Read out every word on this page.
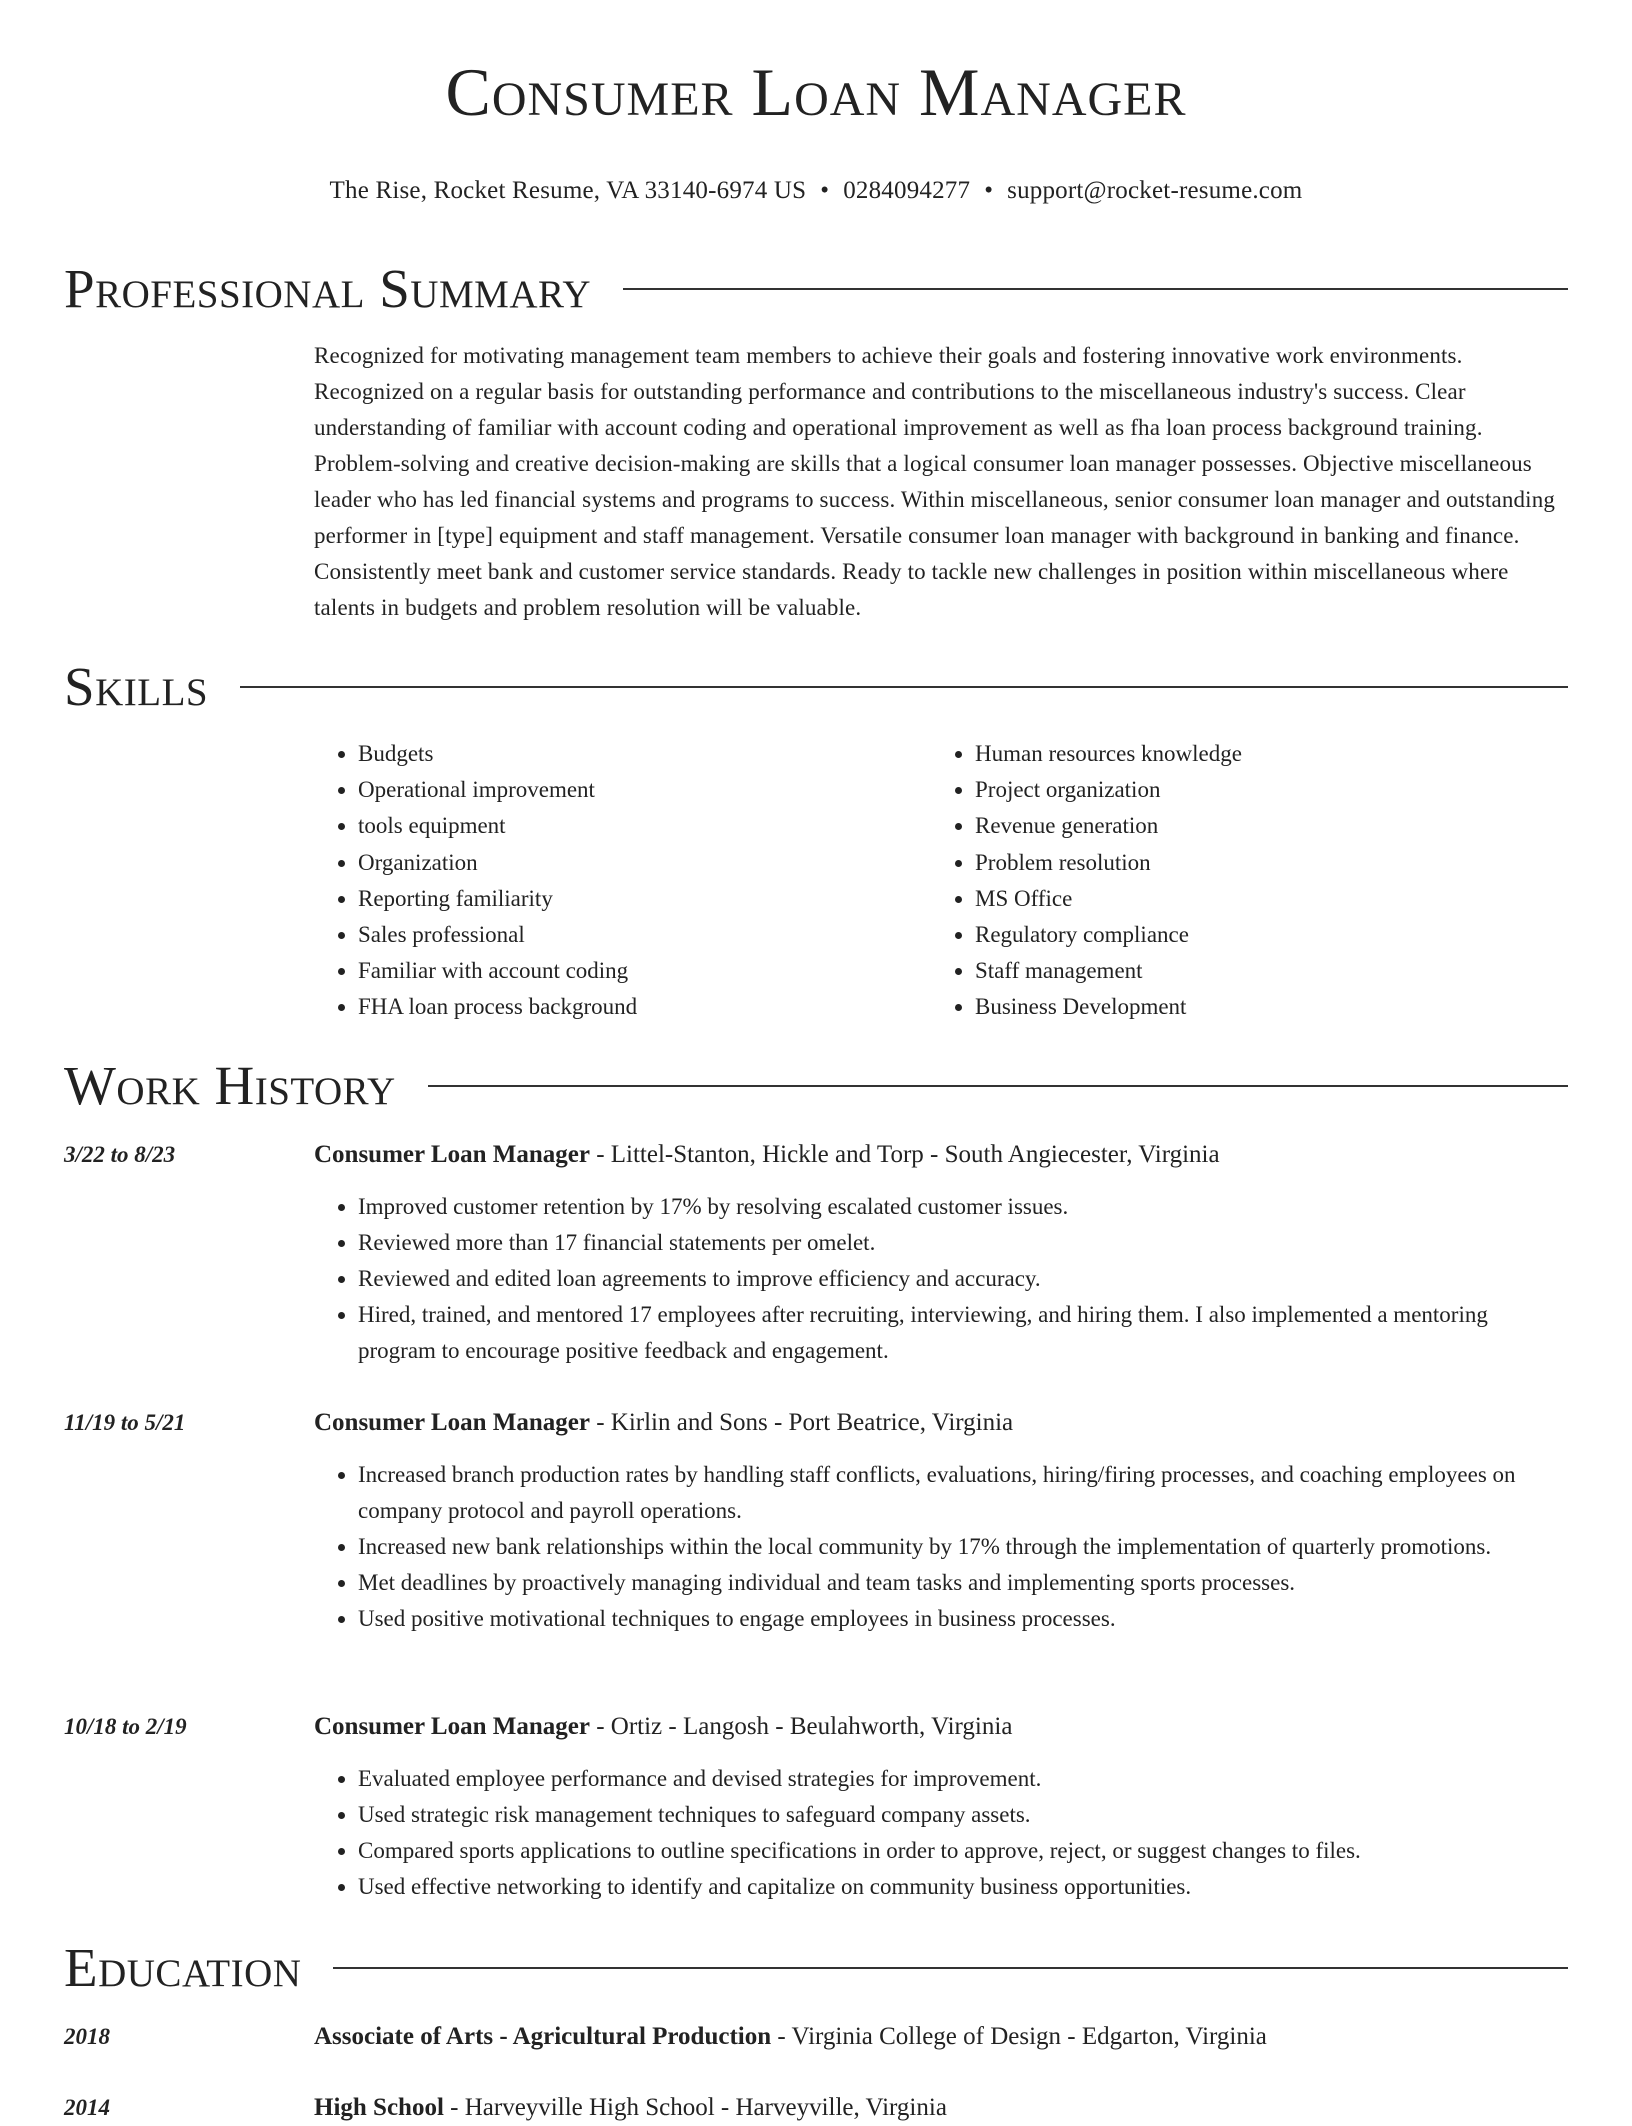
Consumer Loan Manager
The Rise, Rocket Resume, VA 33140-6974 US • 0284094277 • support@rocket-resume.com
Professional Summary

Recognized for motivating management team members to achieve their goals and fostering innovative work environments. Recognized on a regular basis for outstanding performance and contributions to the miscellaneous industry's success. Clear understanding of familiar with account coding and operational improvement as well as fha loan process background training. Problem-solving and creative decision-making are skills that a logical consumer loan manager possesses. Objective miscellaneous leader who has led financial systems and programs to success. Within miscellaneous, senior consumer loan manager and outstanding performer in [type] equipment and staff management. Versatile consumer loan manager with background in banking and finance. Consistently meet bank and customer service standards. Ready to tackle new challenges in position within miscellaneous where talents in budgets and problem resolution will be valuable.

Skills
• Budgets
• Operational improvement
• tools equipment
• Organization
• Reporting familiarity
• Sales professional
• Familiar with account coding
• FHA loan process background
• Human resources knowledge
• Project organization
• Revenue generation
• Problem resolution
• MS Office
• Regulatory compliance
• Staff management
• Business Development
Work History
3/22 to 8/23	Consumer Loan Manager - Littel-Stanton, Hickle and Torp - South Angiecester, Virginia
• Improved customer retention by 17% by resolving escalated customer issues.
• Reviewed more than 17 financial statements per omelet.
• Reviewed and edited loan agreements to improve efficiency and accuracy.
• Hired, trained, and mentored 17 employees after recruiting, interviewing, and hiring them. I also implemented a mentoring program to encourage positive feedback and engagement.
11/19 to 5/21	Consumer Loan Manager - Kirlin and Sons - Port Beatrice, Virginia
• Increased branch production rates by handling staff conflicts, evaluations, hiring/firing processes, and coaching employees on company protocol and payroll operations.
• Increased new bank relationships within the local community by 17% through the implementation of quarterly promotions.
• Met deadlines by proactively managing individual and team tasks and implementing sports processes.
• Used positive motivational techniques to engage employees in business processes.
10/18 to 2/19	Consumer Loan Manager - Ortiz - Langosh - Beulahworth, Virginia
• Evaluated employee performance and devised strategies for improvement.
• Used strategic risk management techniques to safeguard company assets.
• Compared sports applications to outline specifications in order to approve, reject, or suggest changes to files.
• Used effective networking to identify and capitalize on community business opportunities.
Education
2018	Associate of Arts - Agricultural Production - Virginia College of Design - Edgarton, Virginia
2014	High School - Harveyville High School - Harveyville, Virginia
